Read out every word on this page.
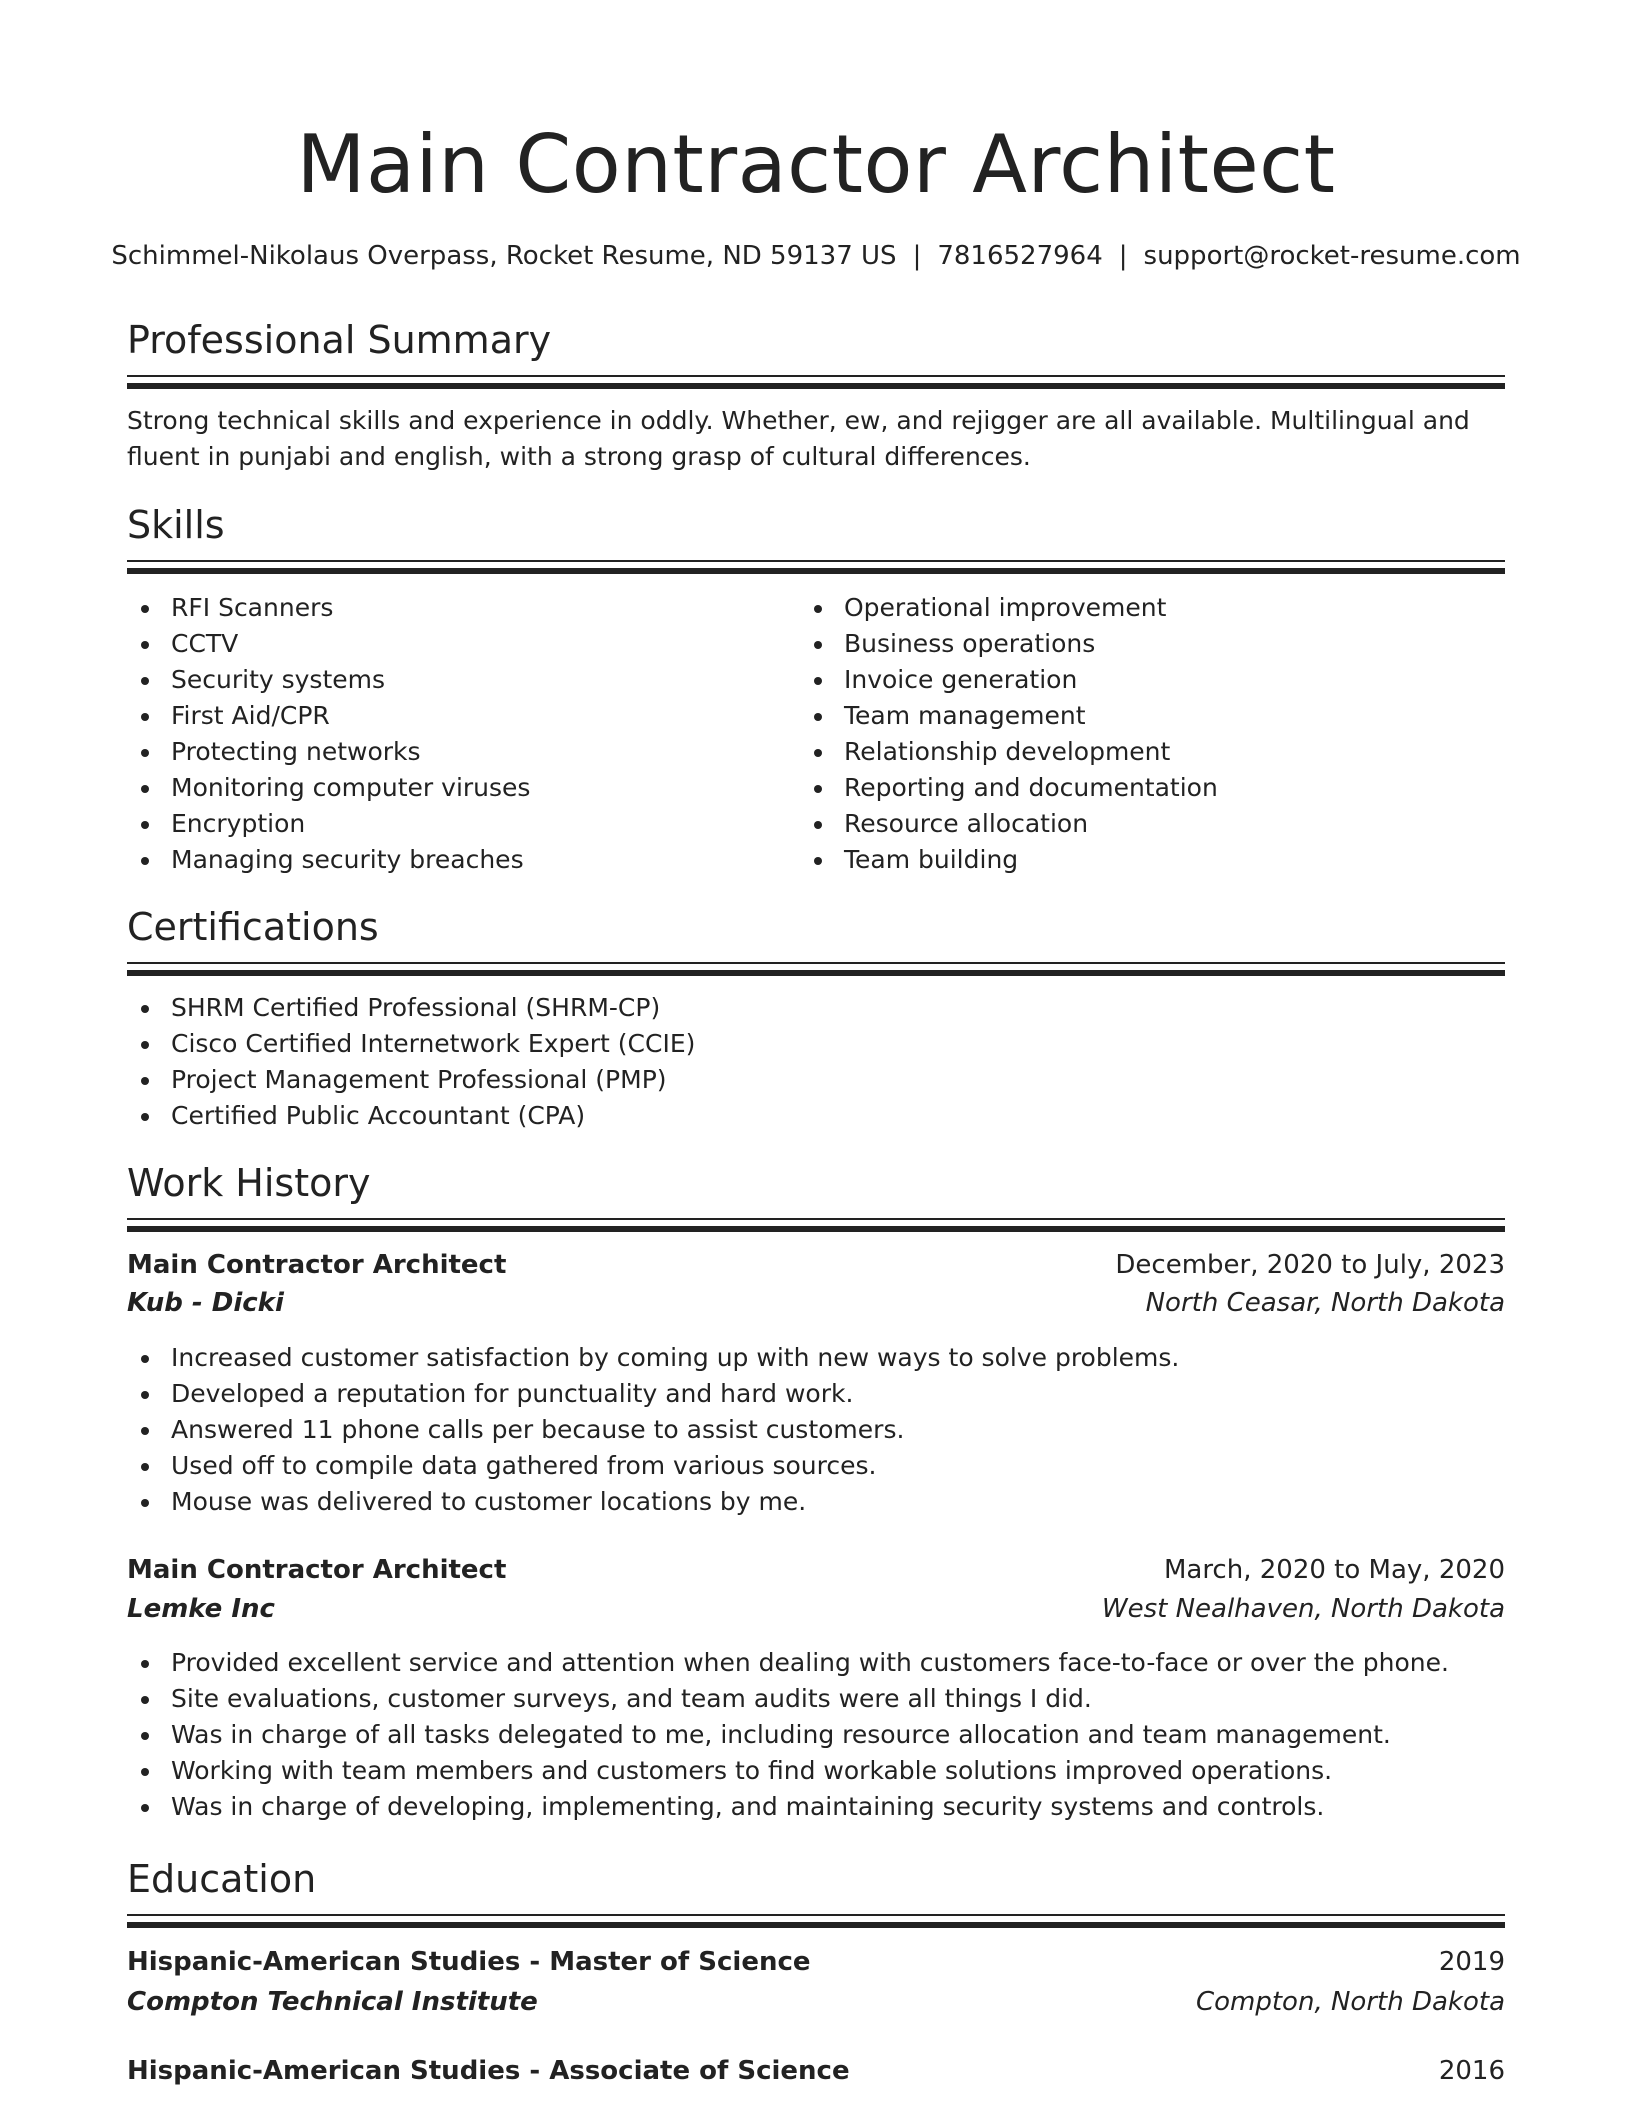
Main Contractor Architect
Schimmel-Nikolaus Overpass, Rocket Resume, ND 59137 US | 7816527964 | support@rocket-resume.com
Professional Summary

Strong technical skills and experience in oddly. Whether, ew, and rejigger are all available. Multilingual and fluent in punjabi and english, with a strong grasp of cultural differences.

Skills
RFI Scanners
CCTV
Security systems
First Aid/CPR
Protecting networks
Monitoring computer viruses
Encryption
Managing security breaches
Operational improvement
Business operations
Invoice generation
Team management
Relationship development
Reporting and documentation
Resource allocation
Team building
Certifications
SHRM Certified Professional (SHRM-CP)
Cisco Certified Internetwork Expert (CCIE)
Project Management Professional (PMP)
Certified Public Accountant (CPA)
Work History
Main Contractor Architect	December, 2020 to July, 2023
Kub - Dicki	North Ceasar, North Dakota
Increased customer satisfaction by coming up with new ways to solve problems.
Developed a reputation for punctuality and hard work.
Answered 11 phone calls per because to assist customers.
Used off to compile data gathered from various sources.
Mouse was delivered to customer locations by me.
Main Contractor Architect	March, 2020 to May, 2020
Lemke Inc	West Nealhaven, North Dakota
Provided excellent service and attention when dealing with customers face-to-face or over the phone.
Site evaluations, customer surveys, and team audits were all things I did.
Was in charge of all tasks delegated to me, including resource allocation and team management.
Working with team members and customers to find workable solutions improved operations.
Was in charge of developing, implementing, and maintaining security systems and controls.
Education
Hispanic-American Studies - Master of Science	2019
Compton Technical Institute	Compton, North Dakota
Hispanic-American Studies - Associate of Science	2016
